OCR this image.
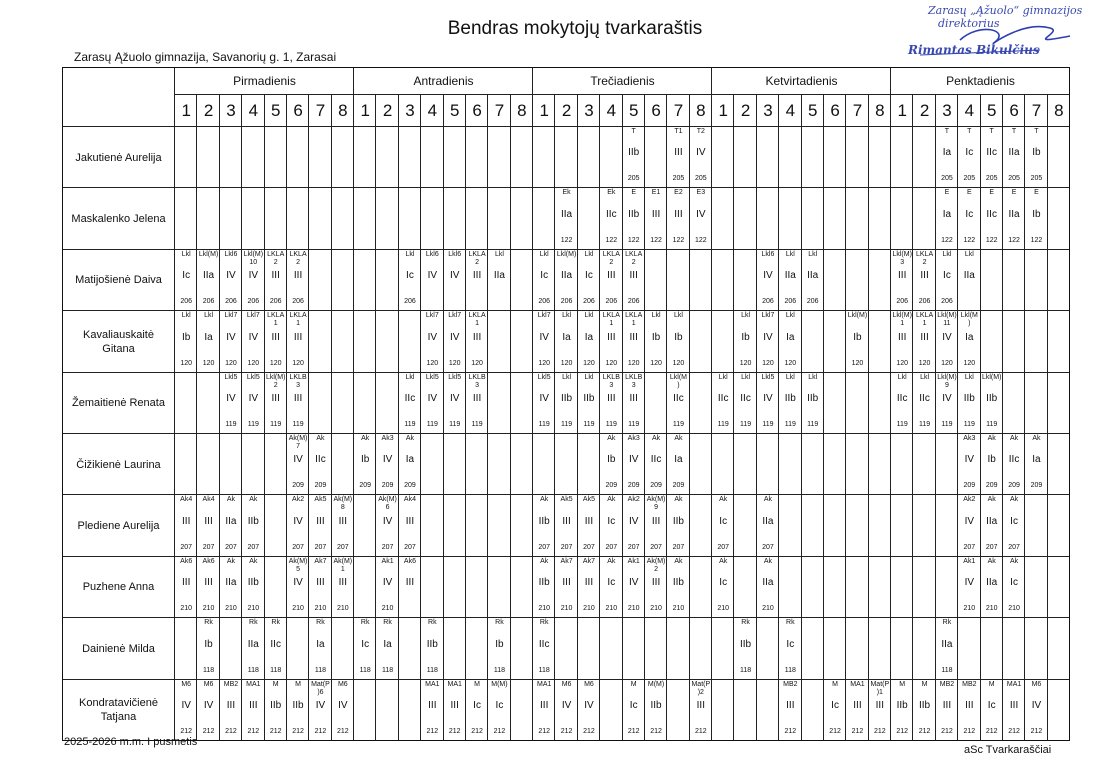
Bendras mokytojų tvarkaraštis
Zarasų Ąžuolo gimnazija, Savanorių g. 1, Zarasai
Zarasų „Ąžuolo“ gimnazijos
direktorius
Rimantas Bikulčius
Pirmadienis
1 2 3 4 5 6 7 8
Antradienis
1 2 3 4 5 6 7 8
Trečiadienis
1 2 3 4 5 6 7 8
Ketvirtadienis
1 2 3 4 5 6 7 8
Penktadienis
1 2 3 4 5 6 7 8
Jakutienė Aurelija
T
IIb
205
T1
III
205
T2
IV
205
T
Ia
205
T
Ic
205
T
IIc
205
T
IIa
205
T
Ib
205
Maskalenko Jelena
Ek
IIa
122
Ek
IIc
122
E
IIb
122
E1
III
122
E2
III
122
E3
IV
122
E
Ia
122
E
Ic
122
E
IIc
122
E
IIa
122
E
Ib
122
Matijošienė Daiva
Lkl
Ic
206
Lkl(M)
IIa
206
Lkl6
IV
206
Lkl(M)
10
IV
206
LKLA
2
III
206
LKLA
2
III
206
Lkl
Ic
206
Lkl6
IV
Lkl6
IV
LKLA
2
III
Lkl
IIa
Lkl
Ic
206
Lkl(M)
IIa
206
Lkl
Ic
206
LKLA
2
III
206
LKLA
2
III
206
Lkl6
IV
206
Lkl
IIa
206
Lkl
IIa
206
Lkl(M)
3
III
206
LKLA
2
III
206
Lkl
Ic
206
Lkl
IIa
Kavaliauskaitė Gitana
Lkl
Ib
120
Lkl
Ia
120
Lkl7
IV
120
Lkl7
IV
120
LKLA
1
III
120
LKLA
1
III
120
Lkl7
IV
120
Lkl7
IV
120
LKLA
1
III
120
Lkl7
IV
120
Lkl
Ia
120
Lkl
Ia
120
LKLA
1
III
120
LKLA
1
III
120
Lkl
Ib
120
Lkl
Ib
120
Lkl
Ib
120
Lkl7
IV
120
Lkl
Ia
120
Lkl(M)
Ib
120
Lkl(M)
1
III
120
LKLA
1
III
120
Lkl(M)
11
IV
120
Lkl(M
)
Ia
120
Žemaitienė Renata
Lkl5
IV
119
Lkl5
IV
119
Lkl(M)
2
III
119
LKLB
3
III
119
Lkl
IIc
119
Lkl5
IV
119
Lkl5
IV
119
LKLB
3
III
119
Lkl5
IV
119
Lkl
IIb
119
Lkl
IIb
119
LKLB
3
III
119
LKLB
3
III
119
Lkl(M
)
IIc
119
Lkl
IIc
119
Lkl
IIc
119
Lkl5
IV
119
Lkl
IIb
119
Lkl
IIb
119
Lkl
IIc
119
Lkl
IIc
119
Lkl(M)
9
IV
119
Lkl
IIb
119
Lkl(M)
IIb
119
Čižikienė Laurina
Ak(M)
7
IV
209
Ak
IIc
209
Ak
Ib
209
Ak3
IV
209
Ak
Ia
209
Ak
Ib
209
Ak3
IV
209
Ak
IIc
209
Ak
Ia
209
Ak3
IV
209
Ak
Ib
209
Ak
IIc
209
Ak
Ia
209
Plediene Aurelija
Ak4
III
207
Ak4
III
207
Ak
IIa
207
Ak
IIb
207
Ak2
IV
207
Ak5
III
207
Ak(M)
8
III
207
Ak(M)
6
IV
207
Ak4
III
207
Ak
IIb
207
Ak5
III
207
Ak5
III
207
Ak
Ic
207
Ak2
IV
207
Ak(M)
9
III
207
Ak
IIb
207
Ak
Ic
207
Ak
IIa
207
Ak2
IV
207
Ak
IIa
207
Ak
Ic
207
Puzhene Anna
Ak6
III
210
Ak6
III
210
Ak
IIa
210
Ak
IIb
210
Ak(M)
5
IV
210
Ak7
III
210
Ak(M)
1
III
210
Ak1
IV
210
Ak6
III
Ak
IIb
210
Ak7
III
210
Ak7
III
210
Ak
Ic
210
Ak1
IV
210
Ak(M)
2
III
210
Ak
IIb
210
Ak
Ic
210
Ak
IIa
210
Ak1
IV
210
Ak
IIa
210
Ak
Ic
210
Dainienė Milda
Rk
Ib
118
Rk
IIa
118
Rk
IIc
118
Rk
Ia
118
Rk
Ic
118
Rk
Ia
118
Rk
IIb
118
Rk
Ib
118
Rk
IIc
118
Rk
IIb
118
Rk
Ic
118
Rk
IIa
118
Kondratavičienė Tatjana
M6
IV
212
M6
IV
212
MB2
III
212
MA1
III
212
M
IIb
212
M
IIb
212
Mat(P
)6
IV
212
M6
IV
212
MA1
III
212
MA1
III
212
M
Ic
212
M(M)
Ic
212
MA1
III
212
M6
IV
212
M6
IV
212
M
Ic
212
M(M)
IIb
212
Mat(P
)2
III
212
MB2
III
212
M
Ic
212
MA1
III
212
Mat(P
)1
III
212
M
IIb
212
M
IIb
212
MB2
III
212
MB2
III
212
M
Ic
212
MA1
III
212
M6
IV
212
2025-2026 m.m. I pusmetis
aSc Tvarkaraščiai
